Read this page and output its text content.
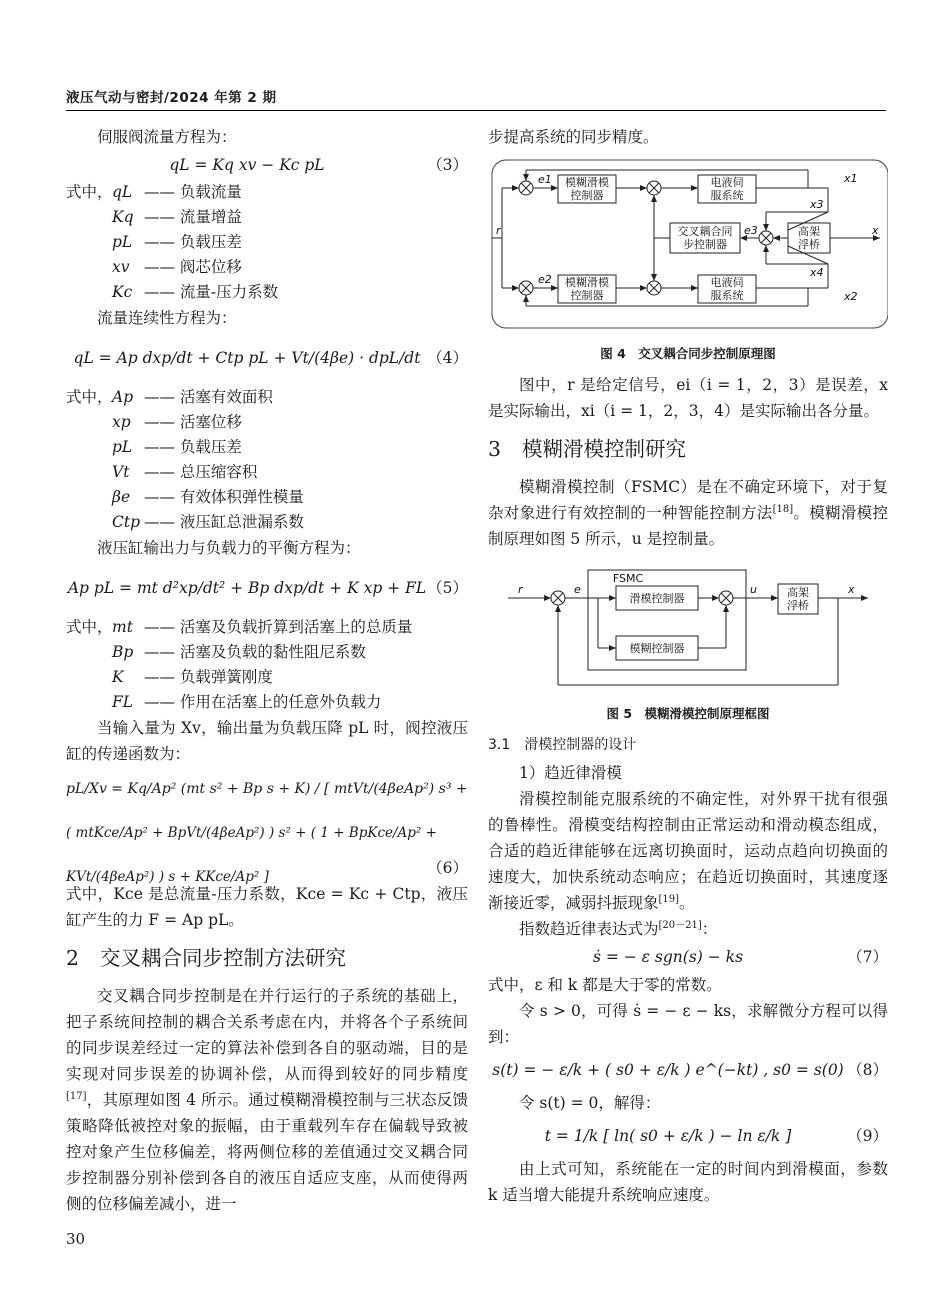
液压气动与密封/2024 年第 2 期

伺服阀流量方程为：

qL = Kq xv − Kc pL	（3）
式中， qL —— 负载流量
Kq —— 流量增益
pL —— 负载压差
xv —— 阀芯位移
Kc —— 流量-压力系数

流量连续性方程为：

qL = Ap dxp/dt + Ctp pL + Vt/(4βe) · dpL/dt （4）
式中， Ap —— 活塞有效面积
xp —— 活塞位移
pL —— 负载压差
Vt —— 总压缩容积
βe —— 有效体积弹性模量
Ctp —— 液压缸总泄漏系数

液压缸输出力与负载力的平衡方程为：

Ap pL = mt d²xp/dt² + Bp dxp/dt + K xp + FL （5）
式中， mt —— 活塞及负载折算到活塞上的总质量
Bp —— 活塞及负载的黏性阻尼系数
K —— 负载弹簧刚度
FL —— 作用在活塞上的任意外负载力

当输入量为 Xv，输出量为负载压降 pL 时，阀控液压缸的传递函数为：

pL/Xv = Kq/Ap² (mt s² + Bp s + K) / [ mtVt/(4βeAp²) s³ +
( mtKce/Ap² + BpVt/(4βeAp²) ) s² + ( 1 + BpKce/Ap² + KVt/(4βeAp²) ) s + KKce/Ap² ]	（6）

式中，Kce 是总流量-压力系数，Kce = Kc + Ctp，液压缸产生的力 F = Ap pL。

2 交叉耦合同步控制方法研究

交叉耦合同步控制是在并行运行的子系统的基础上，把子系统间控制的耦合关系考虑在内，并将各个子系统间的同步误差经过一定的算法补偿到各自的驱动端，目的是实现对同步误差的协调补偿，从而得到较好的同步精度[17]，其原理如图 4 所示。通过模糊滑模控制与三状态反馈策略降低被控对象的振幅，由于重载列车存在偏载导致被控对象产生位移偏差，将两侧位移的差值通过交叉耦合同步控制器分别补偿到各自的液压自适应支座，从而使得两侧的位移偏差减小，进一

步提高系统的同步精度。

模糊滑模
控制器
电液伺
服系统
模糊滑模
控制器
电液伺
服系统
交叉耦合同
步控制器
高架
浮桥
r
e1
e2
e3	x
x1
x2
x3
x4
图 4　交叉耦合同步控制原理图

图中，r 是给定信号，ei（i = 1，2，3）是误差，x 是实际输出，xi（i = 1，2，3，4）是实际输出各分量。

3 模糊滑模控制研究

模糊滑模控制（FSMC）是在不确定环境下，对于复杂对象进行有效控制的一种智能控制方法[18]。模糊滑模控制原理如图 5 所示，u 是控制量。

FSMC
滑模控制器
模糊控制器
高架
浮桥
r	e	u	x
图 5　模糊滑模控制原理框图
3.1　滑模控制器的设计

1）趋近律滑模

滑模控制能克服系统的不确定性，对外界干扰有很强的鲁棒性。滑模变结构控制由正常运动和滑动模态组成，合适的趋近律能够在远离切换面时，运动点趋向切换面的速度大，加快系统动态响应；在趋近切换面时，其速度逐渐接近零，减弱抖振现象[19]。

指数趋近律表达式为[20－21]：

ṡ = − ε sgn(s) − ks	（7）

式中，ε 和 k 都是大于零的常数。

令 s > 0，可得 ṡ = − ε − ks，求解微分方程可以得到：

s(t) = − ε/k + ( s0 + ε/k ) e^(−kt) , s0 = s(0) （8）

令 s(t) = 0，解得：

t = 1/k [ ln( s0 + ε/k ) − ln ε/k ]	（9）

由上式可知，系统能在一定的时间内到滑模面，参数 k 适当增大能提升系统响应速度。

30
